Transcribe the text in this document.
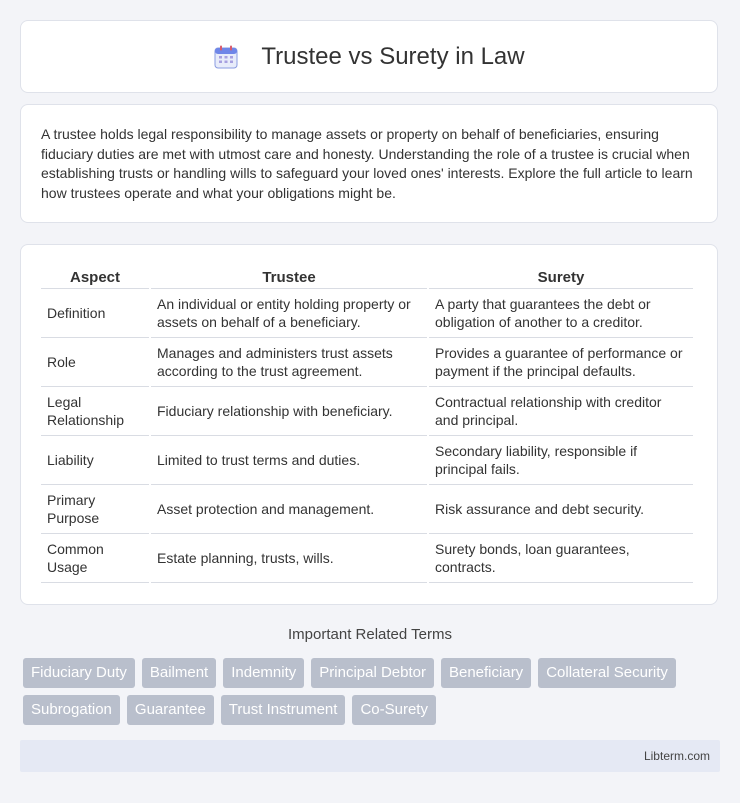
Trustee vs Surety in Law

A trustee holds legal responsibility to manage assets or property on behalf of beneficiaries, ensuring fiduciary duties are met with utmost care and honesty. Understanding the role of a trustee is crucial when establishing trusts or handling wills to safeguard your loved ones' interests. Explore the full article to learn how trustees operate and what your obligations might be.

Aspect	Trustee	Surety
Definition	An individual or entity holding property or assets on behalf of a beneficiary.	A party that guarantees the debt or obligation of another to a creditor.
Role	Manages and administers trust assets according to the trust agreement.	Provides a guarantee of performance or payment if the principal defaults.
Legal Relationship	Fiduciary relationship with beneficiary.	Contractual relationship with creditor and principal.
Liability	Limited to trust terms and duties.	Secondary liability, responsible if principal fails.
Primary Purpose	Asset protection and management.	Risk assurance and debt security.
Common Usage	Estate planning, trusts, wills.	Surety bonds, loan guarantees, contracts.
Important Related Terms
Fiduciary Duty	Bailment	Indemnity	Principal Debtor	Beneficiary	Collateral Security
Subrogation	Guarantee	Trust Instrument	Co-Surety
Libterm.com
